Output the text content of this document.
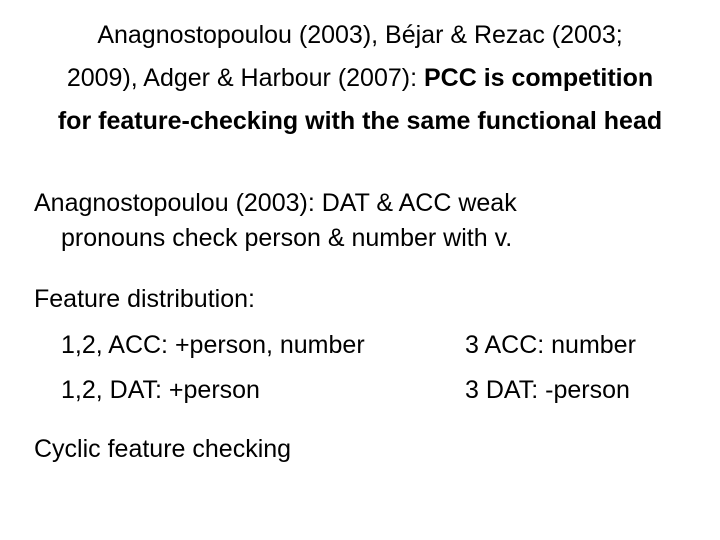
Anagnostopoulou (2003), Béjar & Rezac (2003;
2009), Adger & Harbour (2007): PCC is competition
for feature-checking with the same functional head
Anagnostopoulou (2003): DAT & ACC weak
pronouns check person & number with v.
Feature distribution:
1,2, ACC: +person, number
1,2, DAT: +person
3 ACC: number
3 DAT: -person
Cyclic feature checking
